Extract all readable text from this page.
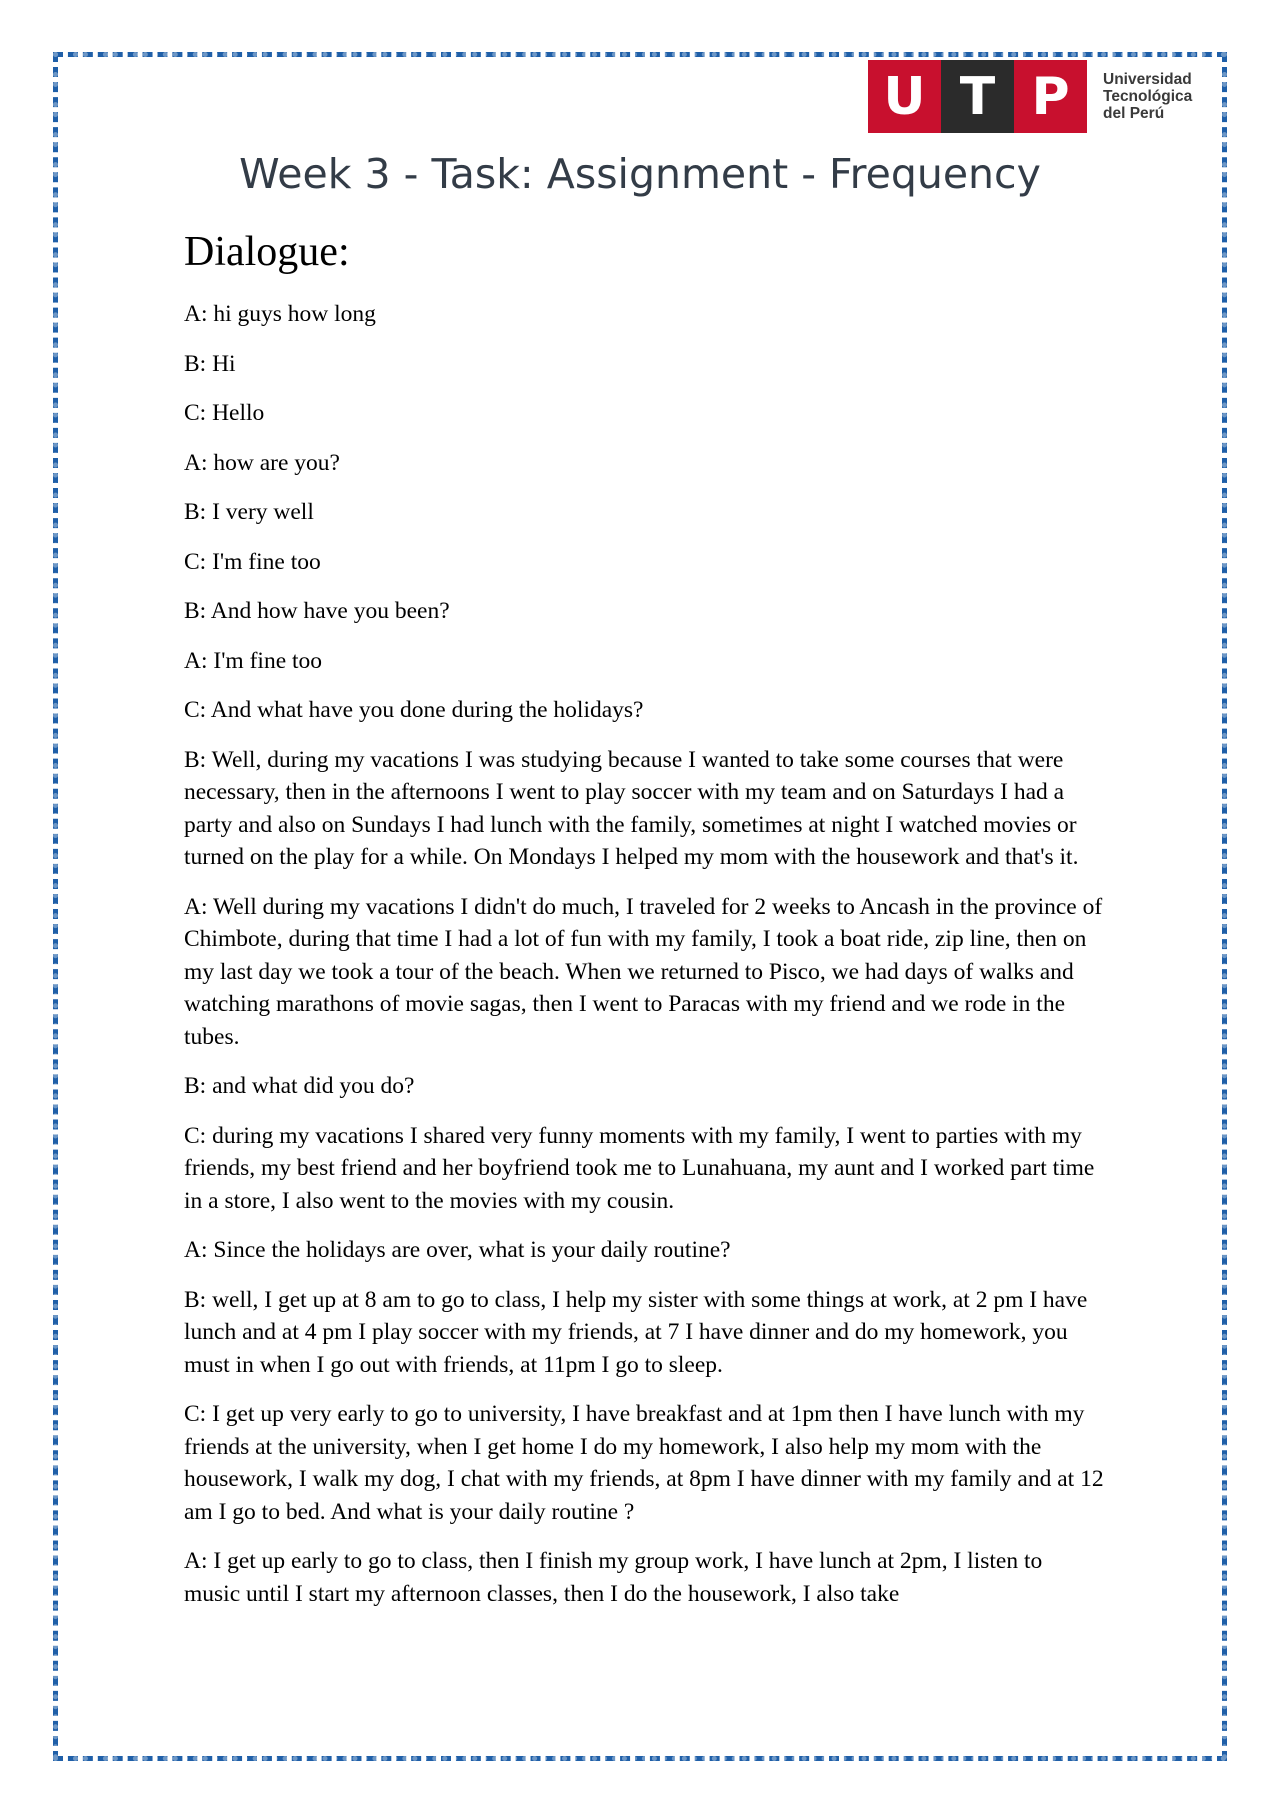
U T P	Universidad
Tecnológica
del Perú
Week 3 - Task: Assignment - Frequency
Dialogue:

A: hi guys how long

B: Hi

C: Hello

A: how are you?

B: I very well

C: I'm fine too

B: And how have you been?

A: I'm fine too

C: And what have you done during the holidays?

B: Well, during my vacations I was studying because I wanted to take some courses that were necessary, then in the afternoons I went to play soccer with my team and on Saturdays I had a party and also on Sundays I had lunch with the family, sometimes at night I watched movies or turned on the play for a while. On Mondays I helped my mom with the housework and that's it.

A: Well during my vacations I didn't do much, I traveled for 2 weeks to Ancash in the province of Chimbote, during that time I had a lot of fun with my family, I took a boat ride, zip line, then on my last day we took a tour of the beach. When we returned to Pisco, we had days of walks and watching marathons of movie sagas, then I went to Paracas with my friend and we rode in the tubes.

B: and what did you do?

C: during my vacations I shared very funny moments with my family, I went to parties with my friends, my best friend and her boyfriend took me to Lunahuana, my aunt and I worked part time in a store, I also went to the movies with my cousin.

A: Since the holidays are over, what is your daily routine?

B: well, I get up at 8 am to go to class, I help my sister with some things at work, at 2 pm I have lunch and at 4 pm I play soccer with my friends, at 7 I have dinner and do my homework, you must in when I go out with friends, at 11pm I go to sleep.

C: I get up very early to go to university, I have breakfast and at 1pm then I have lunch with my friends at the university, when I get home I do my homework, I also help my mom with the housework, I walk my dog, I chat with my friends, at 8pm I have dinner with my family and at 12 am I go to bed. And what is your daily routine ?

A: I get up early to go to class, then I finish my group work, I have lunch at 2pm, I listen to music until I start my afternoon classes, then I do the housework, I also take
